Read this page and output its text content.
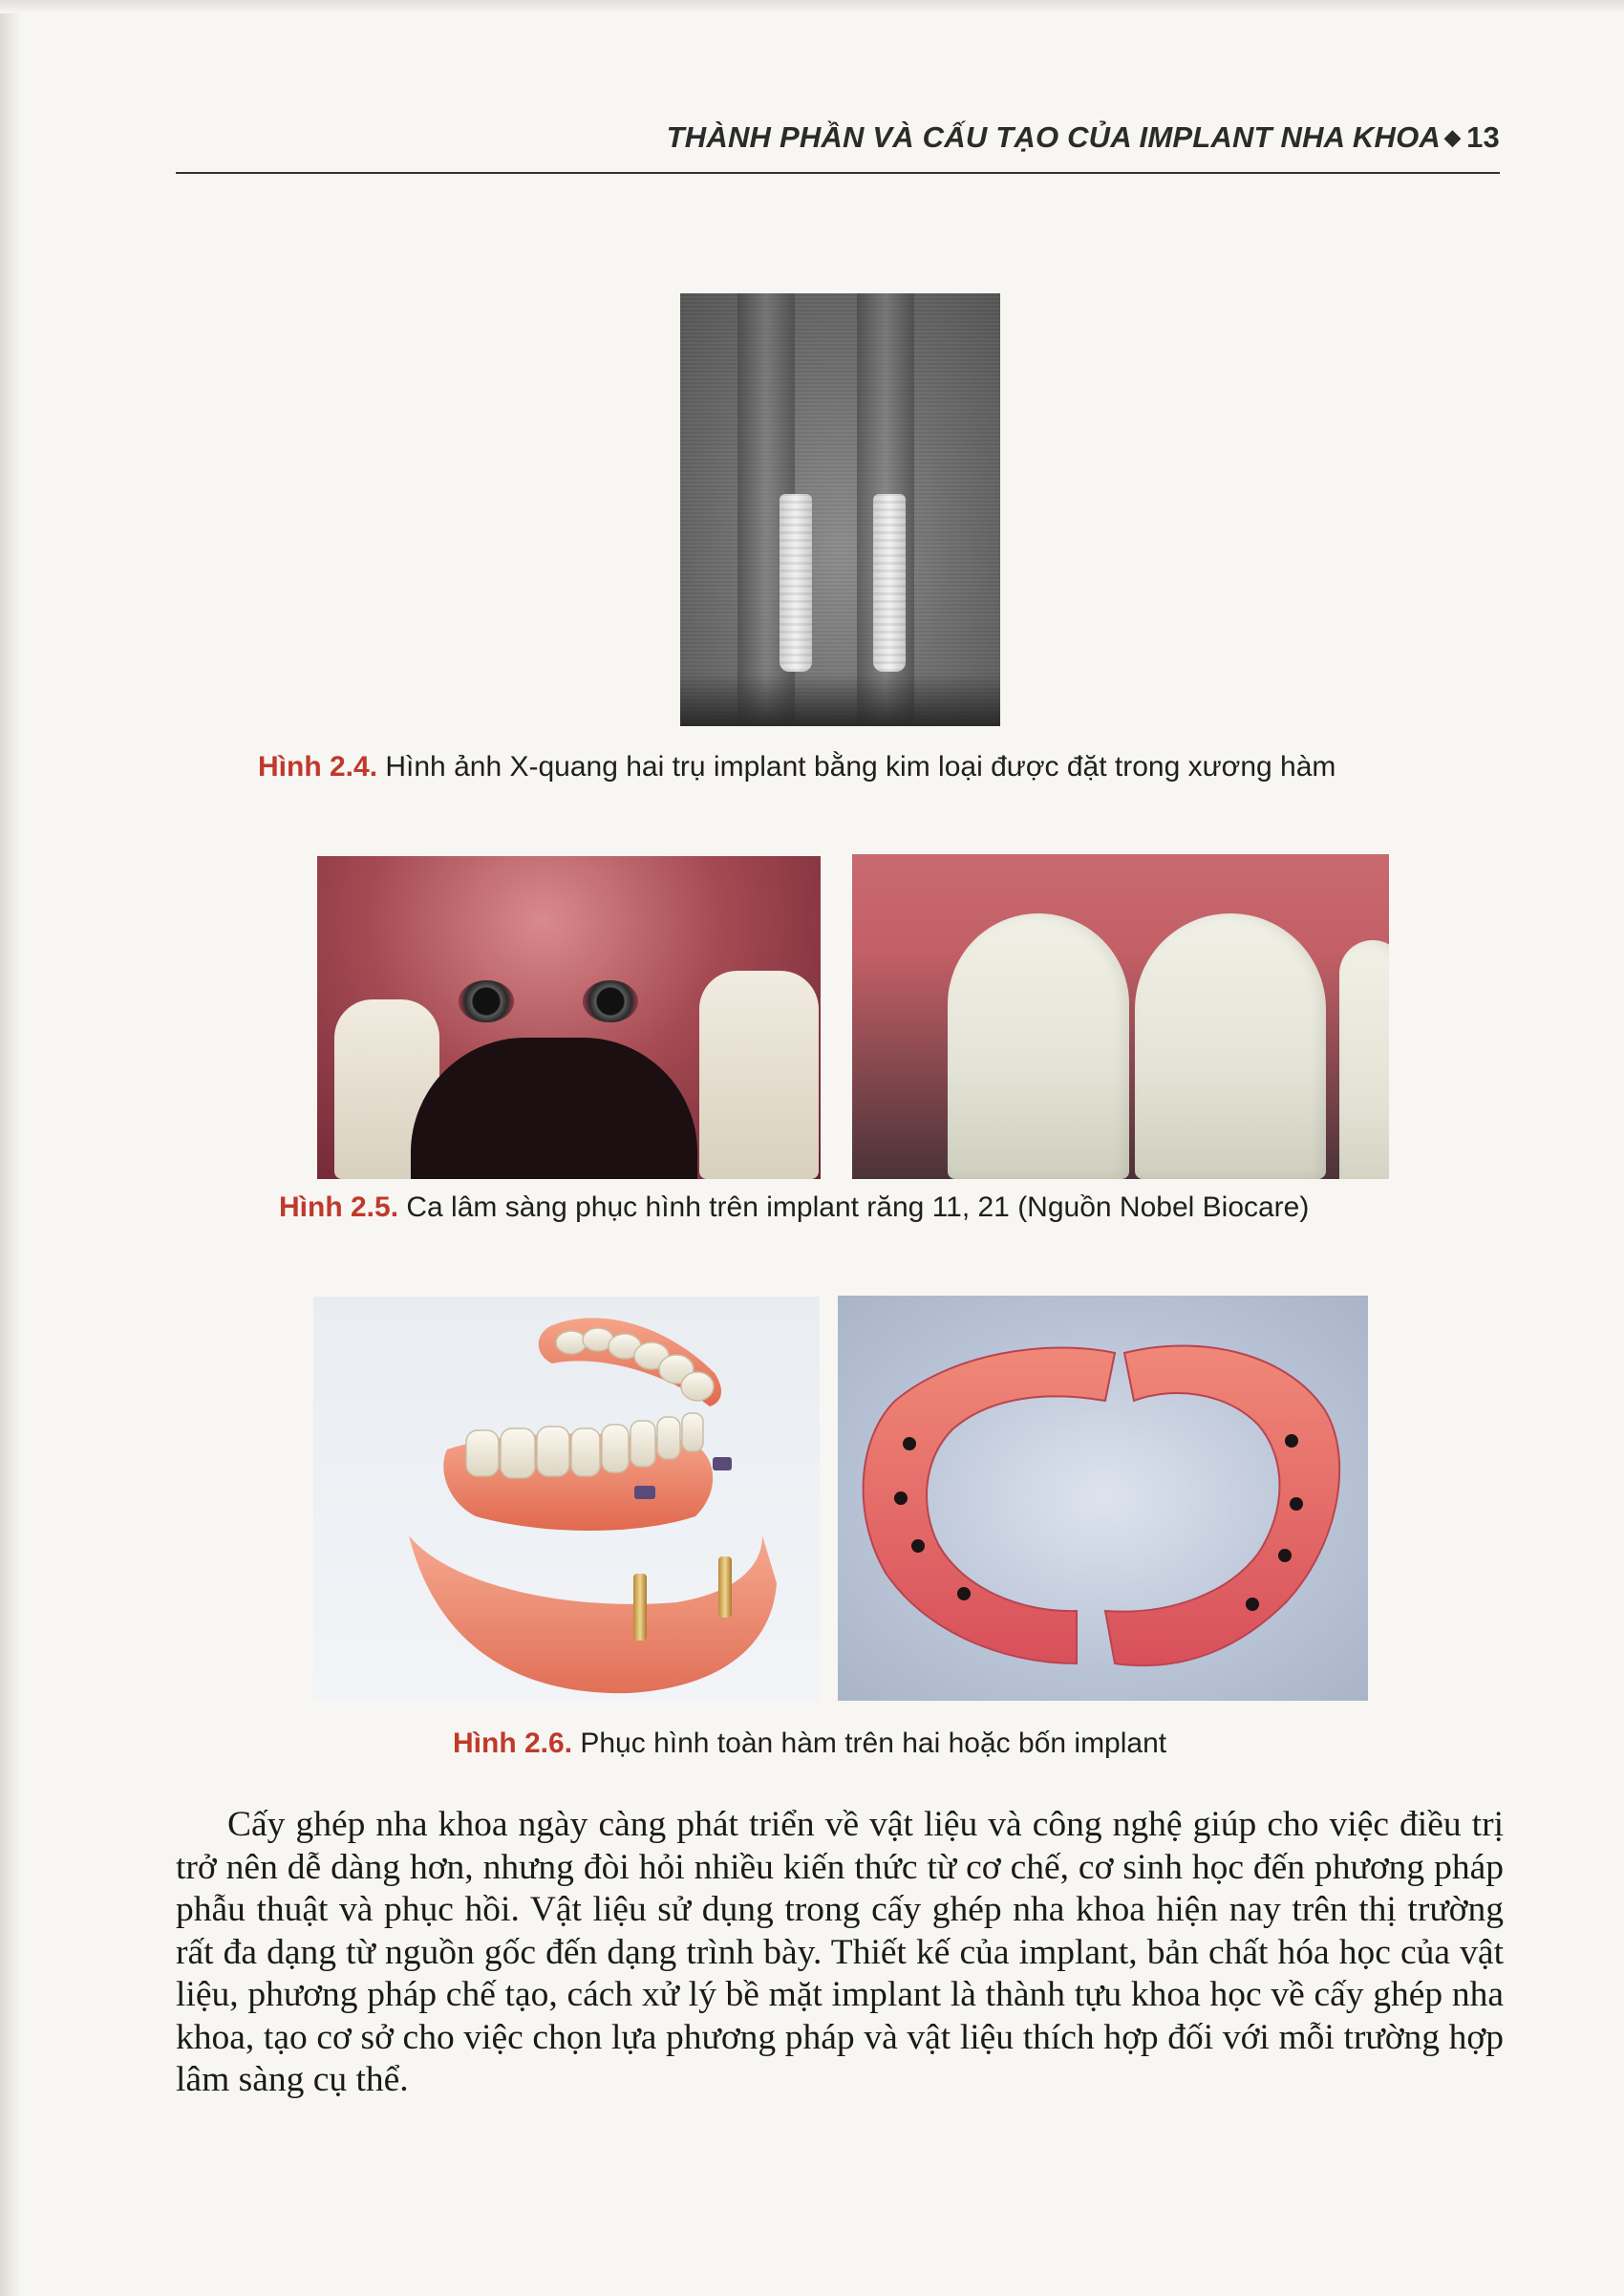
THÀNH PHẦN VÀ CẤU TẠO CỦA IMPLANT NHA KHOA ◆ 13
Hình 2.4. Hình ảnh X-quang hai trụ implant bằng kim loại được đặt trong xương hàm
Hình 2.5. Ca lâm sàng phục hình trên implant răng 11, 21 (Nguồn Nobel Biocare)
Hình 2.6. Phục hình toàn hàm trên hai hoặc bốn implant

Cấy ghép nha khoa ngày càng phát triển về vật liệu và công nghệ giúp cho việc điều trị trở nên dễ dàng hơn, nhưng đòi hỏi nhiều kiến thức từ cơ chế, cơ sinh học đến phương pháp phẫu thuật và phục hồi. Vật liệu sử dụng trong cấy ghép nha khoa hiện nay trên thị trường rất đa dạng từ nguồn gốc đến dạng trình bày. Thiết kế của implant, bản chất hóa học của vật liệu, phương pháp chế tạo, cách xử lý bề mặt implant là thành tựu khoa học về cấy ghép nha khoa, tạo cơ sở cho việc chọn lựa phương pháp và vật liệu thích hợp đối với mỗi trường hợp lâm sàng cụ thể.
